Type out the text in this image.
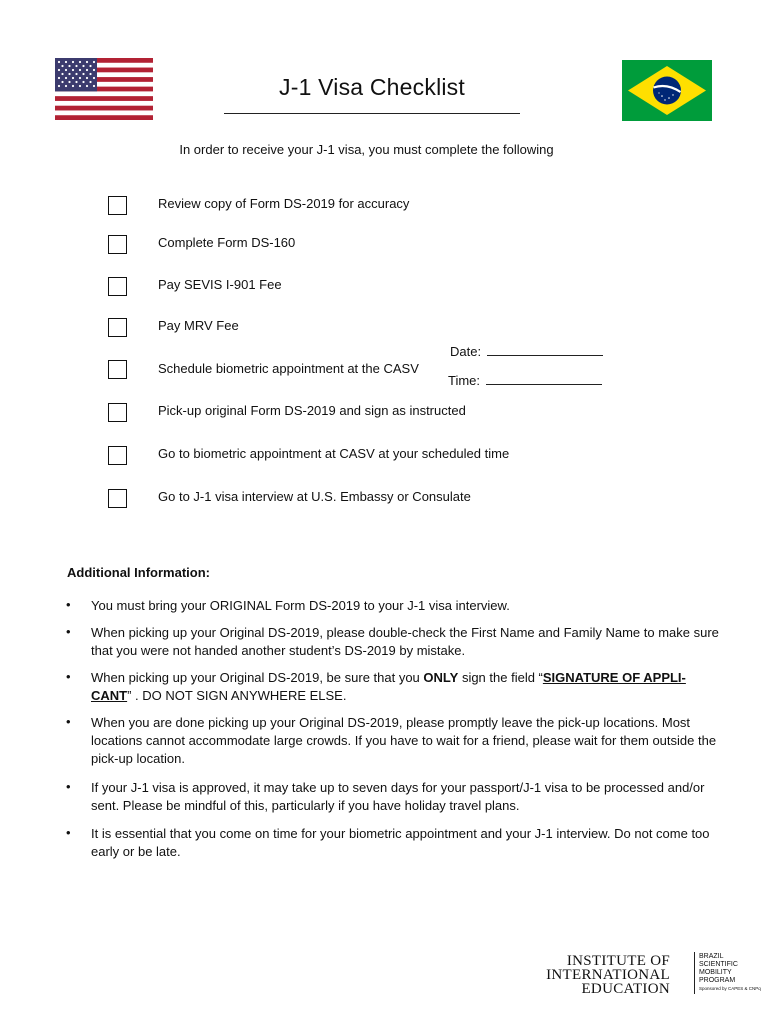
J-1 Visa Checklist
In order to receive your J-1 visa, you must complete the following
Review copy of Form DS-2019 for accuracy
Complete Form DS-160
Pay SEVIS I-901 Fee
Pay MRV Fee
Schedule biometric appointment at the CASV
Date:
Time:
Pick-up original Form DS-2019 and sign as instructed
Go to biometric appointment at CASV at your scheduled time
Go to J-1 visa interview at U.S. Embassy or Consulate
Additional Information:
• You must bring your ORIGINAL Form DS-2019 to your J-1 visa interview.
• When picking up your Original DS-2019, please double-check the First Name and Family Name to make sure that you were not handed another student’s DS-2019 by mistake.
• When picking up your Original DS-2019, be sure that you ONLY sign the field “SIGNATURE OF APPLI-
CANT” . DO NOT SIGN ANYWHERE ELSE.
• When you are done picking up your Original DS-2019, please promptly leave the pick-up locations. Most locations cannot accommodate large crowds. If you have to wait for a friend, please wait for them outside the pick-up location.
• If your J-1 visa is approved, it may take up to seven days for your passport/J-1 visa to be processed and/or sent. Please be mindful of this, particularly if you have holiday travel plans.
• It is essential that you come on time for your biometric appointment and your J-1 interview. Do not come too early or be late.
INSTITUTE OF
INTERNATIONAL
EDUCATION
BRAZIL
SCIENTIFIC
MOBILITY
PROGRAM
Sponsored by CAPES & CNPq
